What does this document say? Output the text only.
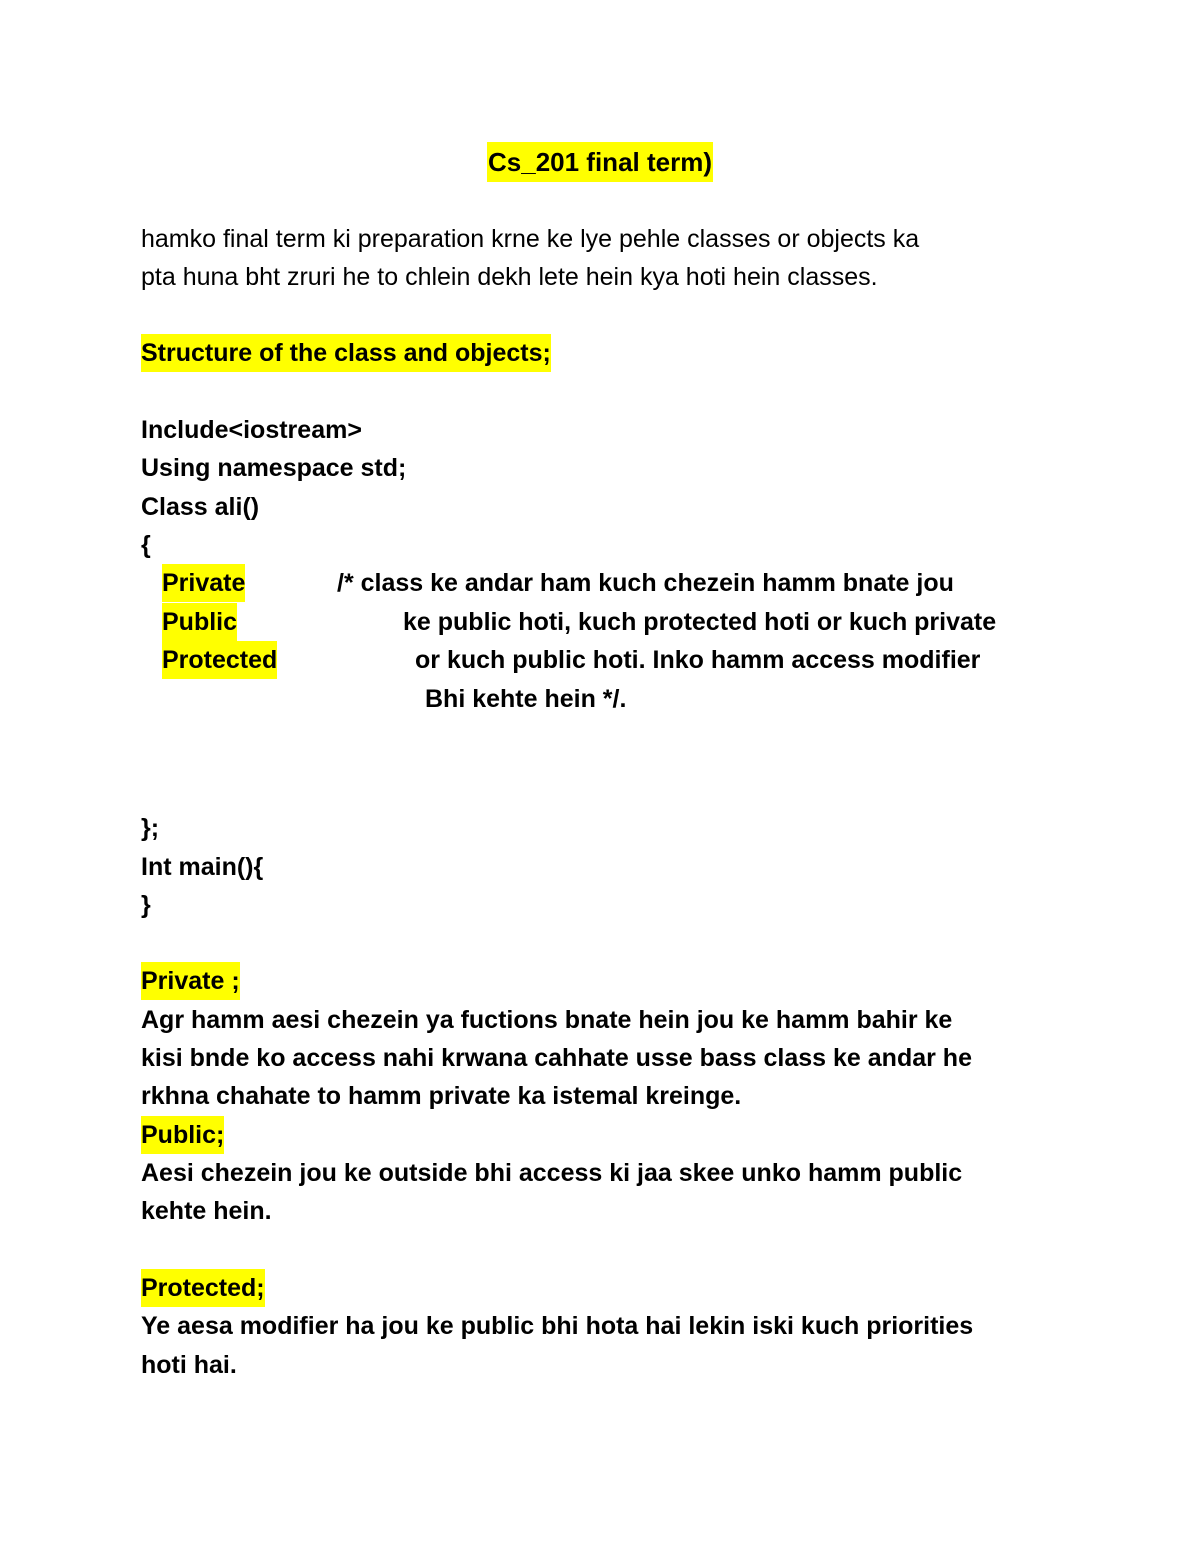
Cs_201 final term)
hamko final term ki preparation krne ke lye pehle classes or objects ka
pta huna bht zruri he to chlein dekh lete hein kya hoti hein classes.
Structure of the class and objects;
Include<iostream>
Using namespace std;
Class ali()
{
Private	/* class ke andar ham kuch chezein hamm bnate jou
Public	ke public hoti, kuch protected hoti or kuch private
Protected	or kuch public hoti. Inko hamm access modifier
Bhi kehte hein */.
};
Int main(){
}
Private ;
Agr hamm aesi chezein ya fuctions bnate hein jou ke hamm bahir ke
kisi bnde ko access nahi krwana cahhate usse bass class ke andar he
rkhna chahate to hamm private ka istemal kreinge.
Public;
Aesi chezein jou ke outside bhi access ki jaa skee unko hamm public
kehte hein.
Protected;
Ye aesa modifier ha jou ke public bhi hota hai lekin iski kuch priorities
hoti hai.
